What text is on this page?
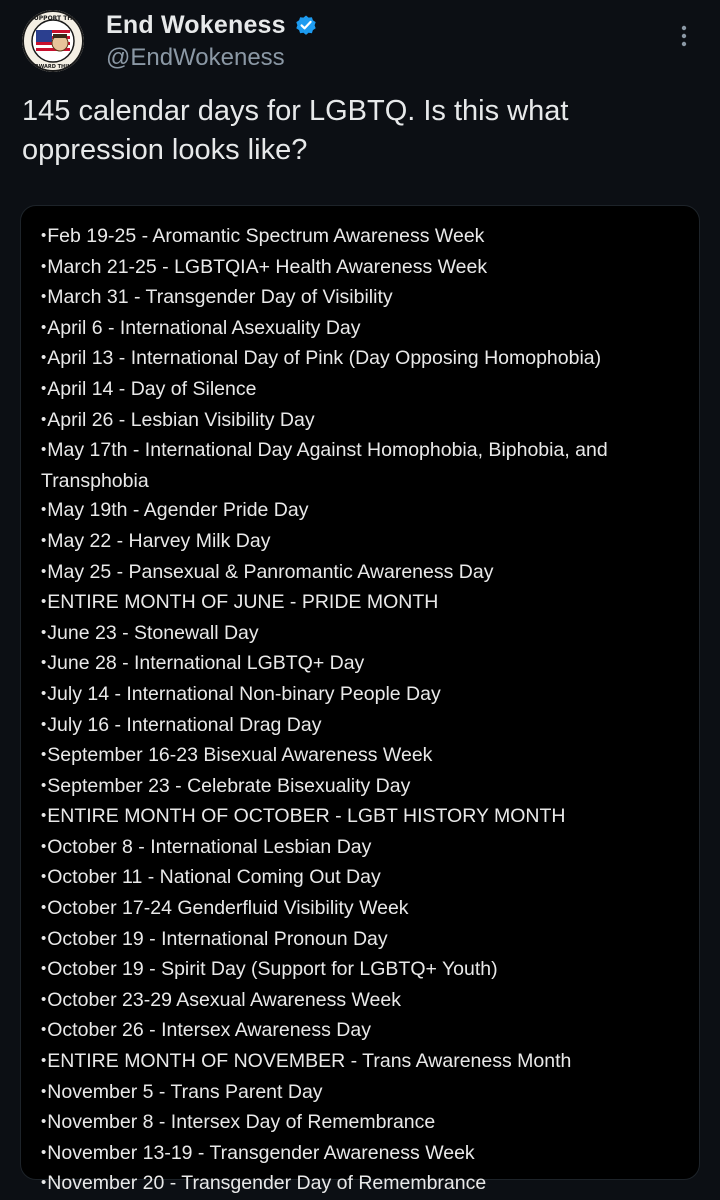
SUPPORT THE
FORWARD THINKS
End Wokeness
@EndWokeness
145 calendar days for LGBTQ. Is this what oppression looks like?
•Feb 19-25 - Aromantic Spectrum Awareness Week
•March 21-25 - LGBTQIA+ Health Awareness Week
•March 31 - Transgender Day of Visibility
•April 6 - International Asexuality Day
•April 13 - International Day of Pink (Day Opposing Homophobia)
•April 14 - Day of Silence
•April 26 - Lesbian Visibility Day
•May 17th - International Day Against Homophobia, Biphobia, and Transphobia
•May 19th - Agender Pride Day
•May 22 - Harvey Milk Day
•May 25 - Pansexual & Panromantic Awareness Day
•ENTIRE MONTH OF JUNE - PRIDE MONTH
•June 23 - Stonewall Day
•June 28 - International LGBTQ+ Day
•July 14 - International Non-binary People Day
•July 16 - International Drag Day
•September 16-23 Bisexual Awareness Week
•September 23 - Celebrate Bisexuality Day
•ENTIRE MONTH OF OCTOBER - LGBT HISTORY MONTH
•October 8 - International Lesbian Day
•October 11 - National Coming Out Day
•October 17-24 Genderfluid Visibility Week
•October 19 - International Pronoun Day
•October 19 - Spirit Day (Support for LGBTQ+ Youth)
•October 23-29 Asexual Awareness Week
•October 26 - Intersex Awareness Day
•ENTIRE MONTH OF NOVEMBER - Trans Awareness Month
•November 5 - Trans Parent Day
•November 8 - Intersex Day of Remembrance
•November 13-19 - Transgender Awareness Week
•November 20 - Transgender Day of Remembrance
